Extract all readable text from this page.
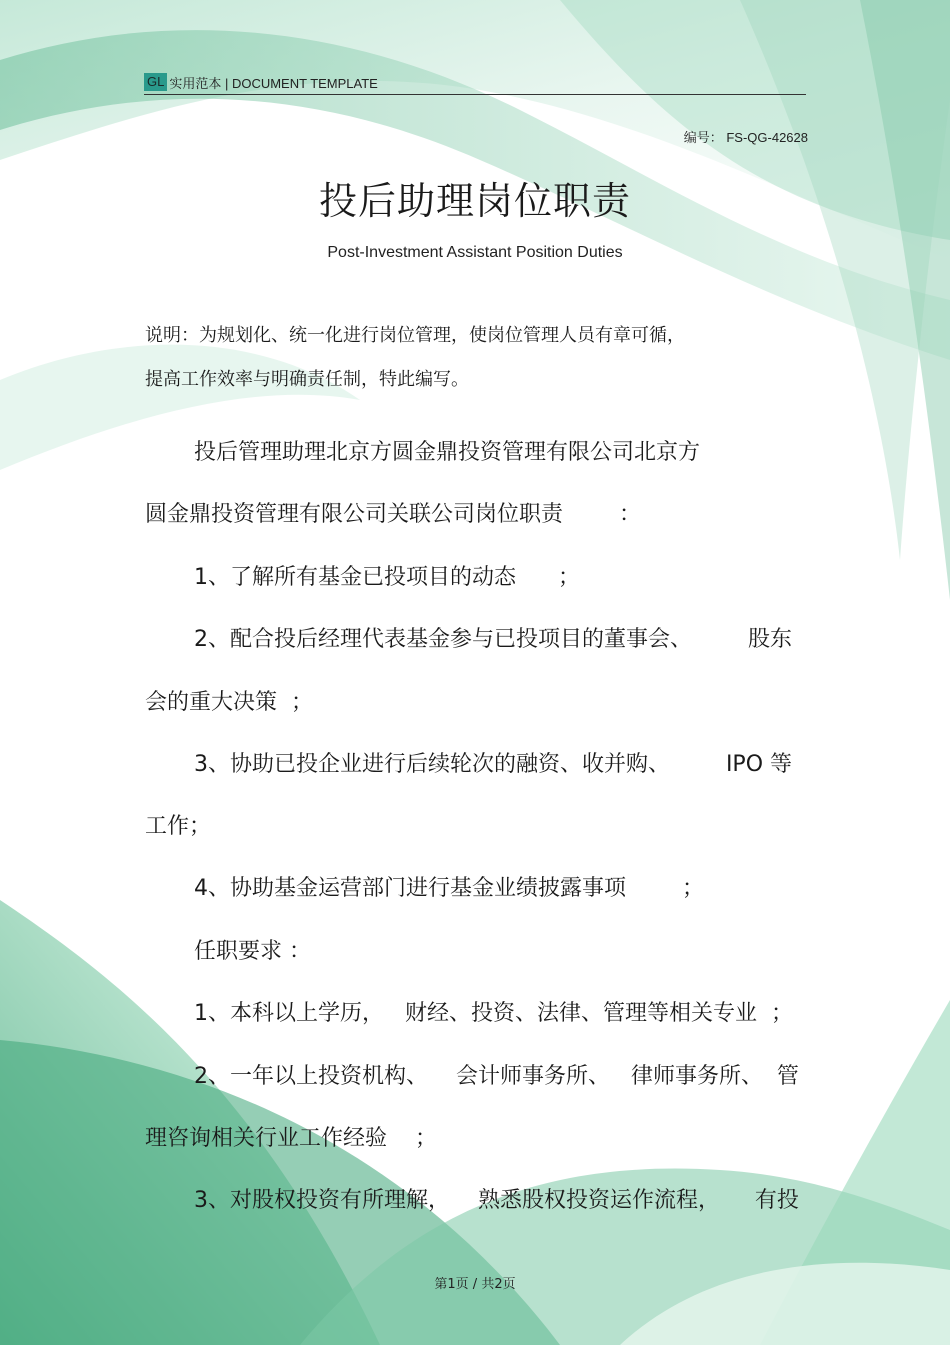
GL 实用范本 | DOCUMENT TEMPLATE
编号： FS-QG-42628
投后助理岗位职责
Post-Investment Assistant Position Duties
说明：为规划化、统一化进行岗位管理，使岗位管理人员有章可循，
提高工作效率与明确责任制，特此编写。
投后管理助理北京方圆金鼎投资管理有限公司北京方
圆金鼎投资管理有限公司关联公司岗位职责        ：
1、了解所有基金已投项目的动态      ；
2、配合投后经理代表基金参与已投项目的董事会、        股东
会的重大决策  ；
3、协助已投企业进行后续轮次的融资、收并购、        IPO 等
工作；
4、协助基金运营部门进行基金业绩披露事项        ；
任职要求 ：
1、本科以上学历，   财经、投资、法律、管理等相关专业  ；
2、一年以上投资机构、    会计师事务所、   律师事务所、  管
理咨询相关行业工作经验    ；
3、对股权投资有所理解，    熟悉股权投资运作流程，     有投
第1页 / 共2页
